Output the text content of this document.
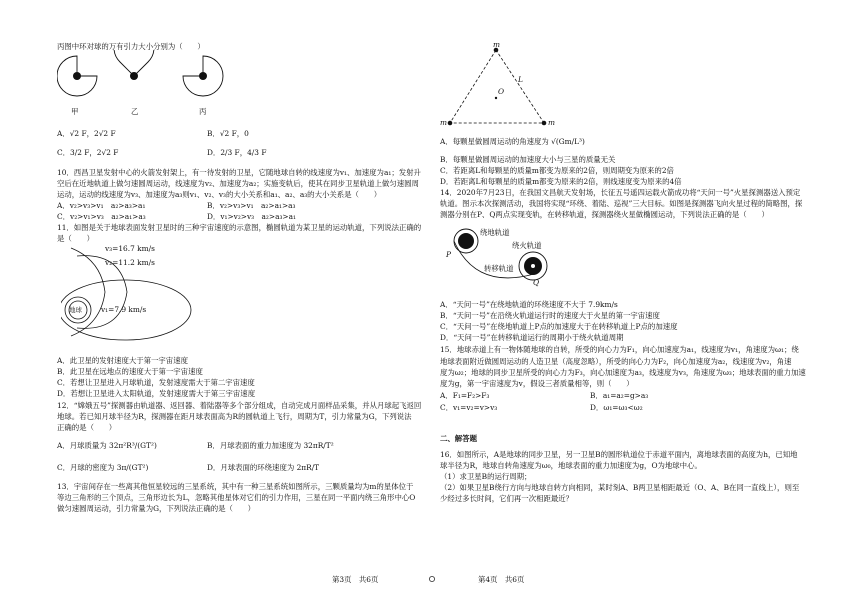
丙图中环对球的万有引力大小分别为（　　）
甲	乙	丙
A．√2 F，2√2 F	B．√2 F，0
C．3/2 F，2√2 F	D．2/3 F，4/3 F
10．西昌卫星发射中心的火箭发射架上，有一待发射的卫星，它随地球自转的线速度为v₁、加速度为a₁；发射升
空后在近地轨道上做匀速圆周运动，线速度为v₂、加速度为a₂；实施变轨后，使其在同步卫星轨道上做匀速圆周
运动，运动的线速度为v₃、加速度为a₃则v₁、v₂、v₃的大小关系和a₁、a₂、a₃的大小关系是（　　）
A．v₂>v₃>v₁　a₂>a₃>a₁	B．v₂>v₃>v₁　a₂>a₁>a₃
C．v₂>v₁>v₃　a₂>a₁>a₃	D．v₁>v₂>v₃　a₂>a₃>a₁
11．如图是关于地球表面发射卫星时的三种宇宙速度的示意图，椭圆轨道为某卫星的运动轨道，下列说法正确的
是（　　）
v₃=16.7 km/s
v₂=11.2 km/s
v₁=7.9 km/s
地球
A．此卫星的发射速度大于第一宇宙速度
B．此卫星在远地点的速度大于第一宇宙速度
C．若想让卫星进入月球轨道，发射速度需大于第二宇宙速度
D．若想让卫星进入太阳轨道，发射速度需大于第三宇宙速度
12．“嫦娥五号”探测器由轨道器、返回器、着陆器等多个部分组成，自动完成月面样品采集，并从月球起飞返回
地球。若已知月球半径为R，探测器在距月球表面高为R的圆轨道上飞行，周期为T，引力常量为G，下列说法
正确的是（　　）
A．月球质量为 32π²R³/(GT²)	B．月球表面的重力加速度为 32πR/T²
C．月球的密度为 3π/(GT²)	D．月球表面的环绕速度为 2πR/T
13．宇宙间存在一些离其他恒星较远的三星系统，其中有一种三星系统如图所示，三颗质量均为m的星体位于
等边三角形的三个顶点，三角形边长为L，忽略其他星体对它们的引力作用，三星在同一平面内绕三角形中心O
做匀速圆周运动，引力常量为G，下列说法正确的是（　　）
m
m	m
L
O
A．每颗星做圆周运动的角速度为 √(Gm/L³)
B．每颗星做圆周运动的加速度大小与三星的质量无关
C．若距离L和每颗星的质量m都变为原来的2倍，则周期变为原来的2倍
D．若距离L和每颗星的质量m都变为原来的2倍，则线速度变为原来的4倍
14．2020年7月23日，在我国文昌航天发射场，长征五号遥四运载火箭成功将“天问一号”火星探测器送入预定
轨道。图示本次探测活动，我国将实现“环绕、着陆、巡视”三大目标。如图是探测器飞向火星过程的简略图，探
测器分别在P、Q两点实现变轨，在转移轨道，探测器绕火星做椭圆运动，下列说法正确的是（　　）
绕地轨道
绕火轨道
转移轨道
P
Q
A．“天问一号”在绕地轨道的环绕速度不大于 7.9km/s
B．“天问一号”在沿绕火轨道运行时的速度大于火星的第一宇宙速度
C．“天问一号”在绕地轨道上P点的加速度大于在转移轨道上P点的加速度
D．“天问一号”在转移轨道运行的周期小于绕火轨道周期
15．地球赤道上有一物体随地球的自转，所受的向心力为F₁，向心加速度为a₁，线速度为v₁，角速度为ω₁；绕
地球表面附近做圆周运动的人造卫星（高度忽略），所受的向心力为F₂，向心加速度为a₂，线速度为v₂，角速
度为ω₂；地球的同步卫星所受的向心力为F₃，向心加速度为a₃，线速度为v₃，角速度为ω₃；地球表面的重力加速
度为g，第一宇宙速度为v，假设三者质量相等，则（　　）
A．F₁=F₂>F₃	B．a₁=a₂=g>a₃
C．v₁=v₂=v>v₃	D．ω₁=ω₃<ω₂
二、解答题
16．如图所示，A是地球的同步卫星，另一卫星B的圆形轨道位于赤道平面内，离地球表面的高度为h，已知地
球半径为R，地球自转角速度为ω₀，地球表面的重力加速度为g，O为地球中心。
（1）求卫星B的运行周期；
（2）如果卫星B绕行方向与地球自转方向相同，某时刻A、B两卫星相距最近（O、A、B在同一直线上），则至
少经过多长时间，它们再一次相距最近？
第3页　共6页	第4页　共6页
